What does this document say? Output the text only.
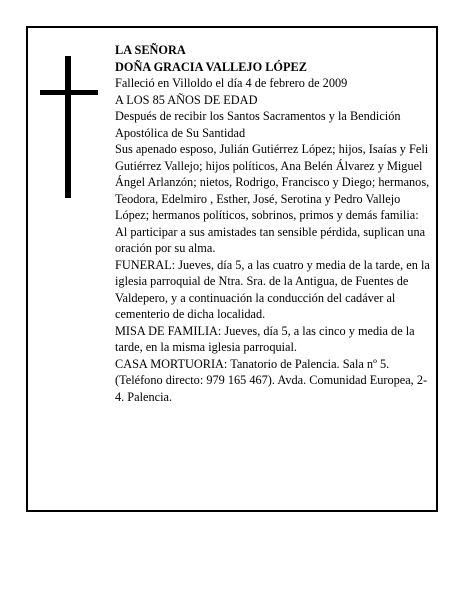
LA SEÑORA

DOÑA GRACIA VALLEJO LÓPEZ

Falleció en Villoldo el día 4 de febrero de 2009

A LOS 85 AÑOS DE EDAD

Después de recibir los Santos Sacramentos y la Bendición Apostólica de Su Santidad

Sus apenado esposo, Julián Gutiérrez López; hijos, Isaías y Feli Gutiérrez Vallejo; hijos políticos, Ana Belén Álvarez y Miguel Ángel Arlanzón; nietos, Rodrigo, Francisco y Diego; hermanos, Teodora, Edelmiro , Esther, José, Serotina y Pedro Vallejo López; hermanos políticos, sobrinos, primos y demás familia:

Al participar a sus amistades tan sensible pérdida, suplican una oración por su alma.

FUNERAL: Jueves, día 5, a las cuatro y media de la tarde, en la iglesia parroquial de Ntra. Sra. de la Antigua, de Fuentes de Valdepero, y a continuación la conducción del cadáver al cementerio de dicha localidad.

MISA DE FAMILIA: Jueves, día 5, a las cinco y media de la tarde, en la misma iglesia parroquial.

CASA MORTUORIA: Tanatorio de Palencia. Sala nº 5. (Teléfono directo: 979 165 467). Avda. Comunidad Europea, 2-4. Palencia.
